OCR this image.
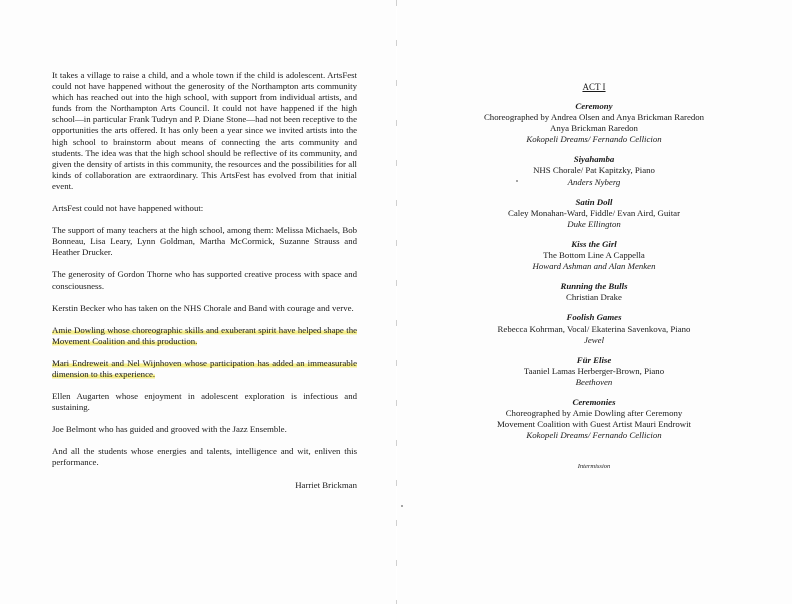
It takes a village to raise a child, and a whole town if the child is adolescent. ArtsFest could not have happened without the generosity of the Northampton arts community which has reached out into the high school, with support from individual artists, and funds from the Northampton Arts Council. It could not have happened if the high school—in particular Frank Tudryn and P. Diane Stone—had not been receptive to the opportunities the arts offered. It has only been a year since we invited artists into the high school to brainstorm about means of connecting the arts community and students. The idea was that the high school should be reflective of its community, and given the density of artists in this community, the resources and the possibilities for all kinds of collaboration are extraordinary. This ArtsFest has evolved from that initial event.

ArtsFest could not have happened without:

The support of many teachers at the high school, among them: Melissa Michaels, Bob Bonneau, Lisa Leary, Lynn Goldman, Martha McCormick, Suzanne Strauss and Heather Drucker.

The generosity of Gordon Thorne who has supported creative process with space and consciousness.

Kerstin Becker who has taken on the NHS Chorale and Band with courage and verve.

Amie Dowling whose choreographic skills and exuberant spirit have helped shape the Movement Coalition and this production.

Mari Endreweit and Nel Wijnhoven whose participation has added an immeasurable dimension to this experience.

Ellen Augarten whose enjoyment in adolescent exploration is infectious and sustaining.

Joe Belmont who has guided and grooved with the Jazz Ensemble.

And all the students whose energies and talents, intelligence and wit, enliven this performance.

Harriet Brickman
ACT I
Ceremony
Choreographed by Andrea Olsen and Anya Brickman Raredon
Anya Brickman Raredon
Kokopeli Dreams/ Fernando Cellicion
Siyahamba
NHS Chorale/ Pat Kapitzky, Piano
Anders Nyberg
Satin Doll
Caley Monahan-Ward, Fiddle/ Evan Aird, Guitar
Duke Ellington
Kiss the Girl
The Bottom Line A Cappella
Howard Ashman and Alan Menken
Running the Bulls
Christian Drake
Foolish Games
Rebecca Kohrman, Vocal/ Ekaterina Savenkova, Piano
Jewel
Für Elise
Taaniel Lamas Herberger-Brown, Piano
Beethoven
Ceremonies
Choreographed by Amie Dowling after Ceremony
Movement Coalition with Guest Artist Mauri Endrowit
Kokopeli Dreams/ Fernando Cellicion
Intermission
